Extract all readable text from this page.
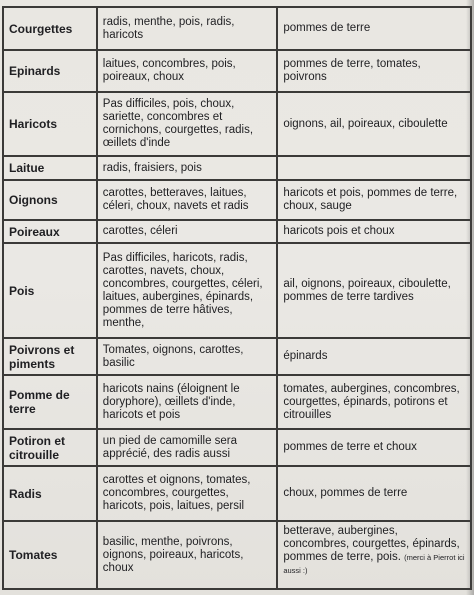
Courgettes	radis, menthe, pois, radis, haricots	pommes de terre
Epinards	laitues, concombres, pois, poireaux, choux	pommes de terre, tomates, poivrons
Haricots	Pas difficiles, pois, choux, sariette, concombres et cornichons, courgettes, radis, œillets d'inde	oignons, ail, poireaux, ciboulette
Laitue	radis, fraisiers, pois	
Oignons	carottes, betteraves, laitues, céleri, choux, navets et radis	haricots et pois, pommes de terre, choux, sauge
Poireaux	carottes, céleri	haricots pois et choux
Pois	Pas difficiles, haricots, radis, carottes, navets, choux, concombres, courgettes, céleri, laitues, aubergines, épinards, pommes de terre hâtives, menthe,	ail, oignons, poireaux, ciboulette, pommes de terre tardives
Poivrons et piments	Tomates, oignons, carottes, basilic	épinards
Pomme de terre	haricots nains (éloignent le doryphore), œillets d'inde, haricots et pois	tomates, aubergines, concombres, courgettes, épinards, potirons et citrouilles
Potiron et citrouille	un pied de camomille sera apprécié, des radis aussi	pommes de terre et choux
Radis	carottes et oignons, tomates, concombres, courgettes, haricots, pois, laitues, persil	choux, pommes de terre
Tomates	basilic, menthe, poivrons, oignons, poireaux, haricots, choux	betterave, aubergines, concombres, courgettes, épinards, pommes de terre, pois. (merci à Pierrot ici aussi :)
